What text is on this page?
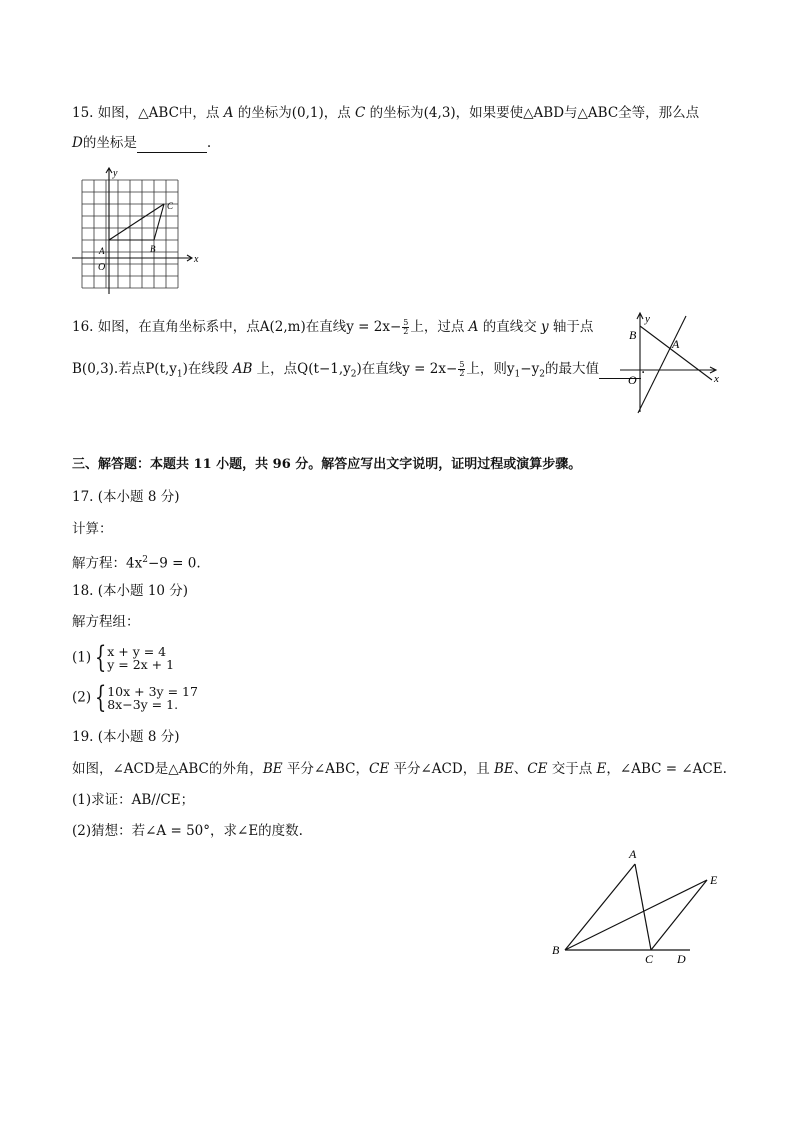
15. 如图，△ABC中，点 A 的坐标为(0,1)，点 C 的坐标为(4,3)，如果要使△ABD与△ABC全等，那么点
D的坐标是	.
y
x
O
A	B
C
16. 如图，在直角坐标系中，点A(2,m)在直线$y = 2x- \frac{5}{2}$ 上，过点 A 的直线交 y 轴于点
B(0,3).若点$P(t,y_1)$在线段 AB 上，点$Q(t-1,y_2)$在直线$y = 2x- \frac{5}{2}$ 上，则$y_1-y_2$的最大值	.
y
x
B
A
O
三、解答题：本题共 11 小题，共 96 分。解答应写出文字说明，证明过程或演算步骤。
17. (本小题 8 分)
计算：
解方程：$4x^2-9 = 0$.
18. (本小题 10 分)
解方程组：
(1) { x + y = 4
y = 2x + 1
(2) { 10x + 3y = 17
8x−3y = 1.
19. (本小题 8 分)
如图，∠ACD是△ABC的外角，BE 平分∠ABC，CE 平分∠ACD，且 BE、CE 交于点 E，∠ABC = ∠ACE.
(1)求证：AB//CE；
(2)猜想：若∠A = 50°，求∠E的度数.
A
B
C D
E
